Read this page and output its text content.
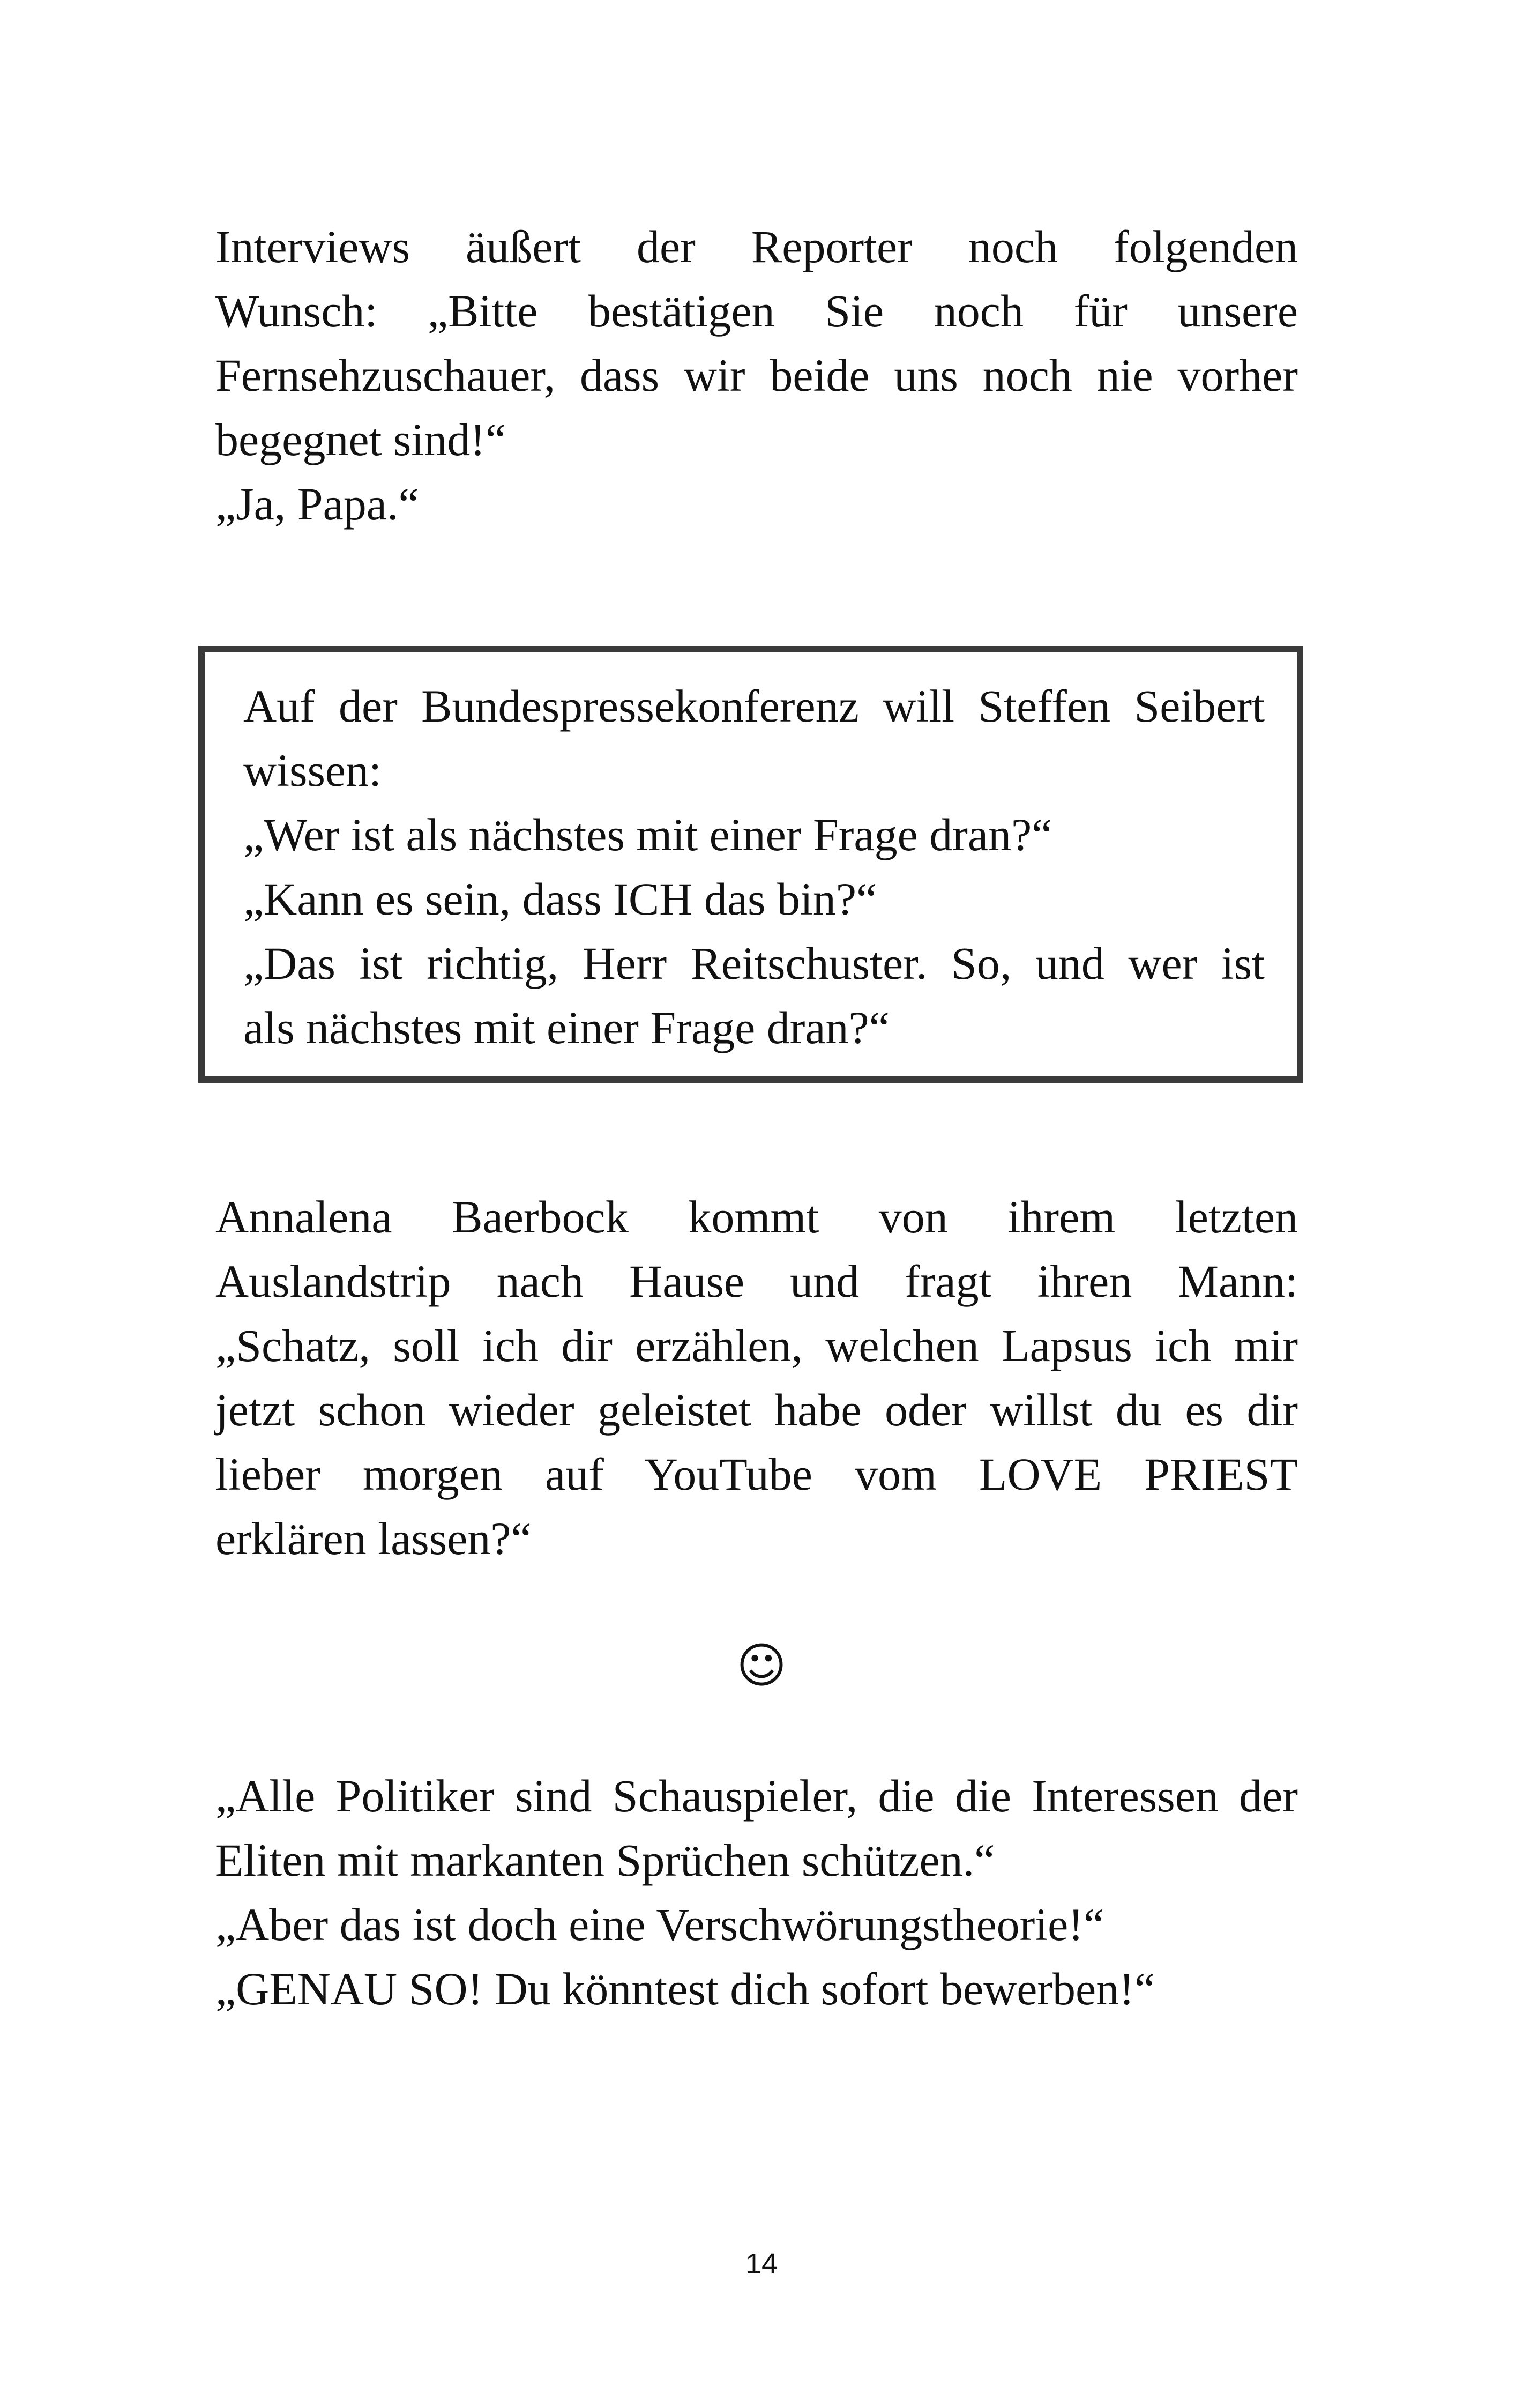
Interviews äußert der Reporter noch folgenden
Wunsch: „Bitte bestätigen Sie noch für unsere
Fernsehzuschauer, dass wir beide uns noch nie vorher
begegnet sind!“
„Ja, Papa.“

Auf der Bundespressekonferenz will Steffen Seibert
wissen:
„Wer ist als nächstes mit einer Frage dran?“
„Kann es sein, dass ICH das bin?“
„Das ist richtig, Herr Reitschuster. So, und wer ist
als nächstes mit einer Frage dran?“

Annalena Baerbock kommt von ihrem letzten
Auslandstrip nach Hause und fragt ihren Mann:
„Schatz, soll ich dir erzählen, welchen Lapsus ich mir
jetzt schon wieder geleistet habe oder willst du es dir
lieber morgen auf YouTube vom LOVE PRIEST
erklären lassen?“

☺

„Alle Politiker sind Schauspieler, die die Interessen der
Eliten mit markanten Sprüchen schützen.“
„Aber das ist doch eine Verschwörungstheorie!“
„GENAU SO! Du könntest dich sofort bewerben!“

14
